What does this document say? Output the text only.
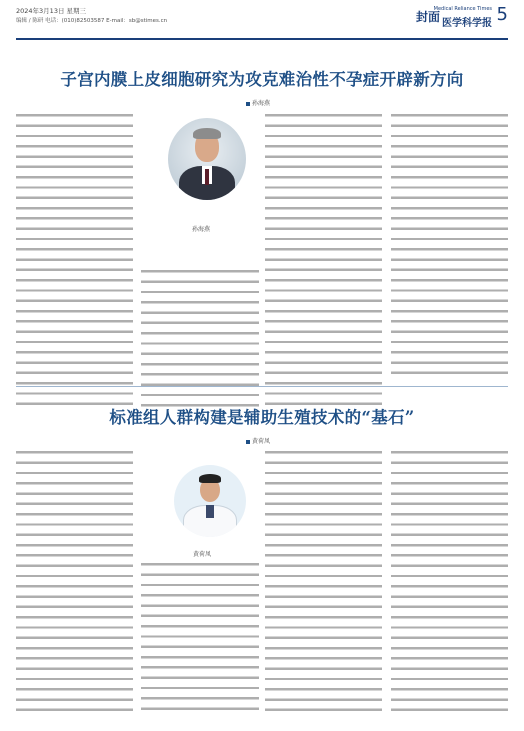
2024年3月13日 星期三
编辑 / 陈研 电话：(010)82503587 E-mail：sb@stimes.cn	封面
Medical Reliance Times
医学科学报 5
子宫内膜上皮细胞研究为攻克难治性不孕症开辟新方向
孙海燕
孙海燕
标准组人群构建是辅助生殖技术的“基石”
黄荷凤
黄荷凤
